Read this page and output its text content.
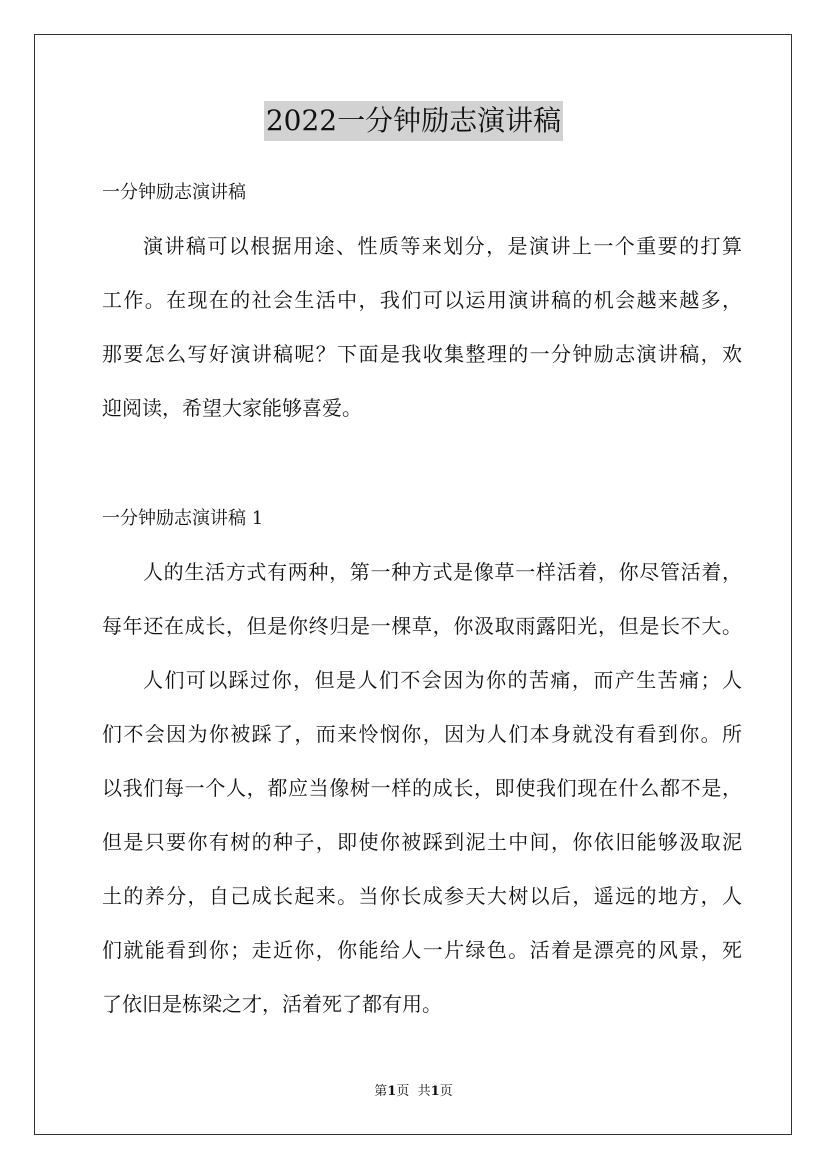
2022一分钟励志演讲稿
一分钟励志演讲稿
演讲稿可以根据用途、性质等来划分，是演讲上一个重要的打算
工作。在现在的社会生活中，我们可以运用演讲稿的机会越来越多，
那要怎么写好演讲稿呢？下面是我收集整理的一分钟励志演讲稿，欢
迎阅读，希望大家能够喜爱。
一分钟励志演讲稿 1
人的生活方式有两种，第一种方式是像草一样活着，你尽管活着，
每年还在成长，但是你终归是一棵草，你汲取雨露阳光，但是长不大。
人们可以踩过你，但是人们不会因为你的苦痛，而产生苦痛；人
们不会因为你被踩了，而来怜悯你，因为人们本身就没有看到你。所
以我们每一个人，都应当像树一样的成长，即使我们现在什么都不是，
但是只要你有树的种子，即使你被踩到泥土中间，你依旧能够汲取泥
土的养分，自己成长起来。当你长成参天大树以后，遥远的地方，人
们就能看到你；走近你，你能给人一片绿色。活着是漂亮的风景，死
了依旧是栋梁之才，活着死了都有用。
第1页 共1页
